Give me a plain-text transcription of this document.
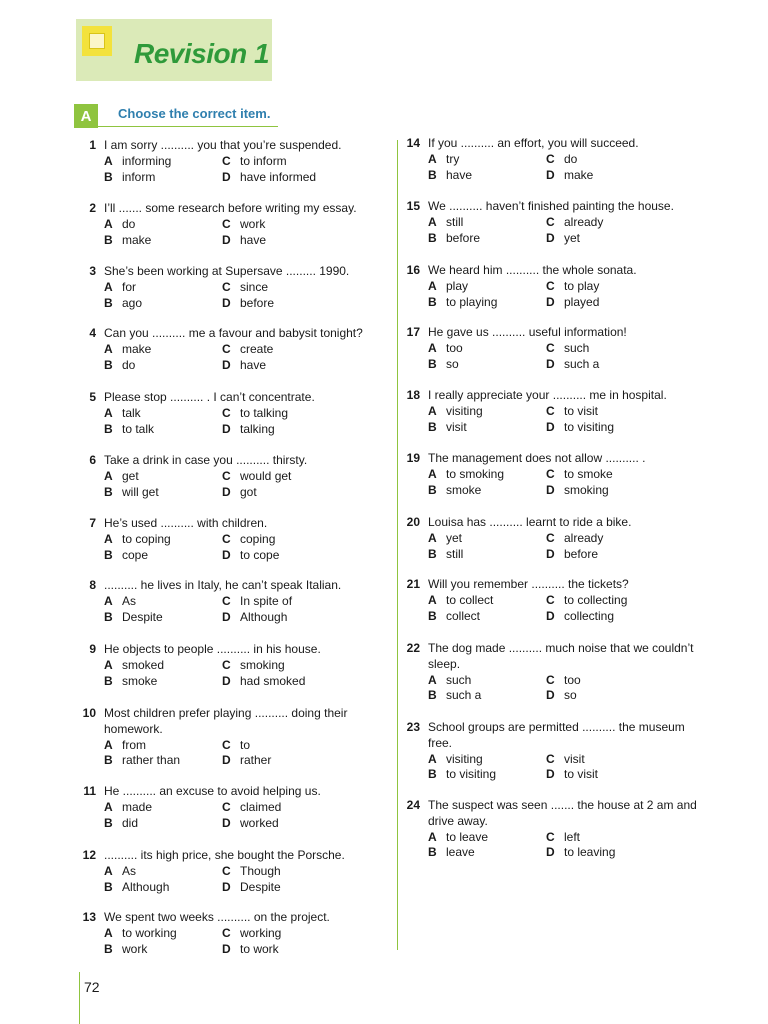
Revision 1
A	Choose the correct item.
1 I am sorry .......... you that you’re suspended.
A informing	C to inform
B inform	D have informed
2 I’ll ....... some research before writing my essay.
A do	C work
B make	D have
3 She’s been working at Supersave ......... 1990.
A for	C since
B ago	D before
4 Can you .......... me a favour and babysit tonight?
A make	C create
B do	D have
5 Please stop .......... . I can’t concentrate.
A talk	C to talking
B to talk	D talking
6 Take a drink in case you .......... thirsty.
A get	C would get
B will get	D got
7 He’s used .......... with children.
A to coping	C coping
B cope	D to cope
8 .......... he lives in Italy, he can’t speak Italian.
A As	C In spite of
B Despite	D Although
9 He objects to people .......... in his house.
A smoked	C smoking
B smoke	D had smoked
10 Most children prefer playing .......... doing their homework.
A from	C to
B rather than	D rather
11 He .......... an excuse to avoid helping us.
A made	C claimed
B did	D worked
12 .......... its high price, she bought the Porsche.
A As	C Though
B Although	D Despite
13 We spent two weeks .......... on the project.
A to working	C working
B work	D to work
14 If you .......... an effort, you will succeed.
A try	C do
B have	D make
15 We .......... haven’t finished painting the house.
A still	C already
B before	D yet
16 We heard him .......... the whole sonata.
A play	C to play
B to playing	D played
17 He gave us .......... useful information!
A too	C such
B so	D such a
18 I really appreciate your .......... me in hospital.
A visiting	C to visit
B visit	D to visiting
19 The management does not allow .......... .
A to smoking	C to smoke
B smoke	D smoking
20 Louisa has .......... learnt to ride a bike.
A yet	C already
B still	D before
21 Will you remember .......... the tickets?
A to collect	C to collecting
B collect	D collecting
22 The dog made .......... much noise that we couldn’t sleep.
A such	C too
B such a	D so
23 School groups are permitted .......... the museum free.
A visiting	C visit
B to visiting	D to visit
24 The suspect was seen ....... the house at 2 am and drive away.
A to leave	C left
B leave	D to leaving
72
